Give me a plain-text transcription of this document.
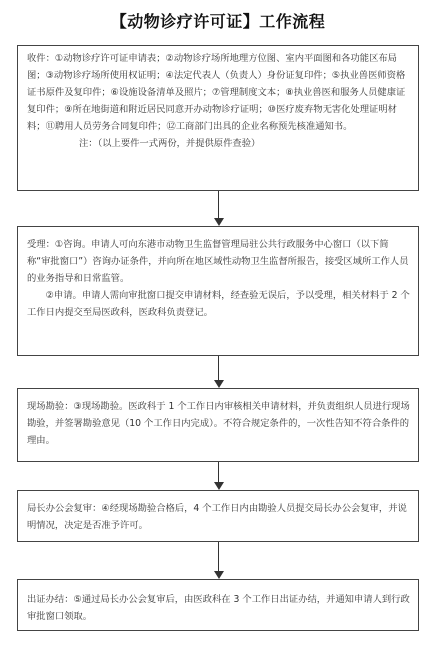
【动物诊疗许可证】工作流程

收件：①动物诊疗许可证申请表；②动物诊疗场所地理方位图、室内平面图和各功能区布局图；③动物诊疗场所使用权证明；④法定代表人（负责人）身份证复印件；⑤执业兽医师资格证书原件及复印件；⑥设施设备清单及照片；⑦管理制度文本；⑧执业兽医和服务人员健康证复印件；⑨所在地街道和附近居民同意开办动物诊疗证明；⑩医疗废弃物无害化处理证明材料；⑪聘用人员劳务合同复印件；⑫工商部门出具的企业名称预先核准通知书。

注：（以上要件一式两份，并提供原件查验）

受理：①咨询。申请人可向东港市动物卫生监督管理局驻公共行政服务中心窗口（以下简称“审批窗口”）咨询办证条件，并向所在地区域性动物卫生监督所报告，接受区域所工作人员的业务指导和日常监管。

②申请。申请人需向审批窗口提交申请材料，经查验无误后，予以受理，相关材料于 2 个工作日内提交至局医政科，医政科负责登记。

现场勘验：③现场勘验。医政科于 1 个工作日内审核相关申请材料，并负责组织人员进行现场勘验，并签署勘验意见（10 个工作日内完成）。不符合规定条件的，一次性告知不符合条件的理由。

局长办公会复审：④经现场勘验合格后，4 个工作日内由勘验人员提交局长办公会复审，并说明情况，决定是否准予许可。

出证办结：⑤通过局长办公会复审后，由医政科在 3 个工作日出证办结，并通知申请人到行政审批窗口领取。
